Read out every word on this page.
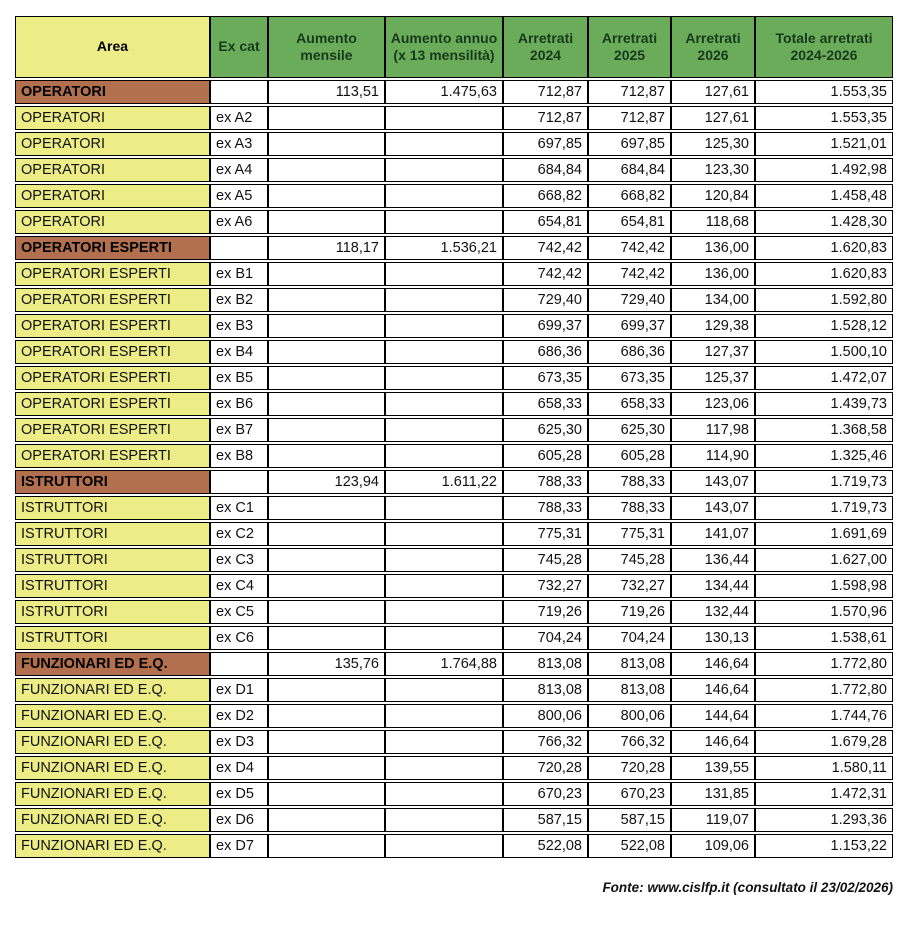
Area	Ex cat	Aumento mensile	Aumento annuo (x 13 mensilità)	Arretrati 2024	Arretrati 2025	Arretrati 2026	Totale arretrati 2024-2026
OPERATORI		113,51	1.475,63	712,87	712,87	127,61	1.553,35
OPERATORI	ex A2			712,87	712,87	127,61	1.553,35
OPERATORI	ex A3			697,85	697,85	125,30	1.521,01
OPERATORI	ex A4			684,84	684,84	123,30	1.492,98
OPERATORI	ex A5			668,82	668,82	120,84	1.458,48
OPERATORI	ex A6			654,81	654,81	118,68	1.428,30
OPERATORI ESPERTI		118,17	1.536,21	742,42	742,42	136,00	1.620,83
OPERATORI ESPERTI	ex B1			742,42	742,42	136,00	1.620,83
OPERATORI ESPERTI	ex B2			729,40	729,40	134,00	1.592,80
OPERATORI ESPERTI	ex B3			699,37	699,37	129,38	1.528,12
OPERATORI ESPERTI	ex B4			686,36	686,36	127,37	1.500,10
OPERATORI ESPERTI	ex B5			673,35	673,35	125,37	1.472,07
OPERATORI ESPERTI	ex B6			658,33	658,33	123,06	1.439,73
OPERATORI ESPERTI	ex B7			625,30	625,30	117,98	1.368,58
OPERATORI ESPERTI	ex B8			605,28	605,28	114,90	1.325,46
ISTRUTTORI		123,94	1.611,22	788,33	788,33	143,07	1.719,73
ISTRUTTORI	ex C1			788,33	788,33	143,07	1.719,73
ISTRUTTORI	ex C2			775,31	775,31	141,07	1.691,69
ISTRUTTORI	ex C3			745,28	745,28	136,44	1.627,00
ISTRUTTORI	ex C4			732,27	732,27	134,44	1.598,98
ISTRUTTORI	ex C5			719,26	719,26	132,44	1.570,96
ISTRUTTORI	ex C6			704,24	704,24	130,13	1.538,61
FUNZIONARI ED E.Q.		135,76	1.764,88	813,08	813,08	146,64	1.772,80
FUNZIONARI ED E.Q.	ex D1			813,08	813,08	146,64	1.772,80
FUNZIONARI ED E.Q.	ex D2			800,06	800,06	144,64	1.744,76
FUNZIONARI ED E.Q.	ex D3			766,32	766,32	146,64	1.679,28
FUNZIONARI ED E.Q.	ex D4			720,28	720,28	139,55	1.580,11
FUNZIONARI ED E.Q.	ex D5			670,23	670,23	131,85	1.472,31
FUNZIONARI ED E.Q.	ex D6			587,15	587,15	119,07	1.293,36
FUNZIONARI ED E.Q.	ex D7			522,08	522,08	109,06	1.153,22
Fonte: www.cislfp.it (consultato il 23/02/2026)
